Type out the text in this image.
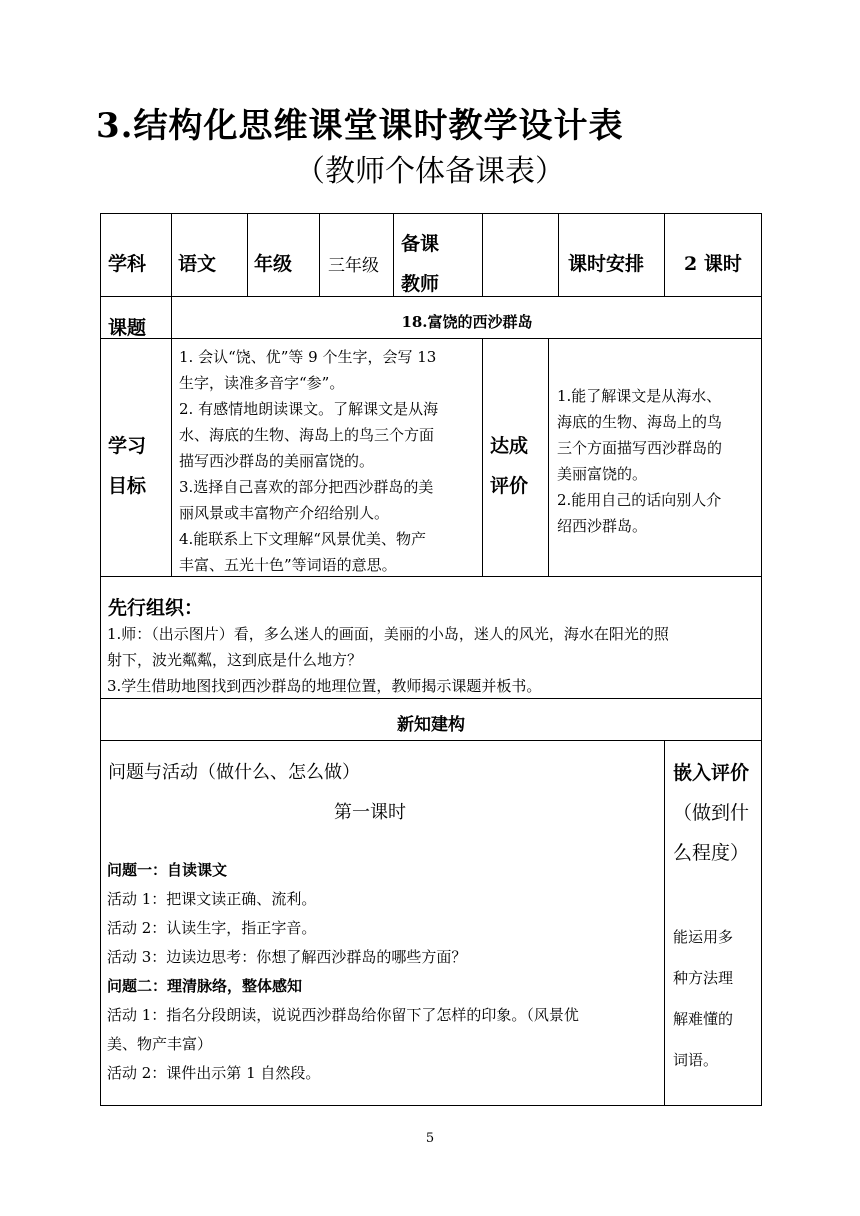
3.结构化思维课堂课时教学设计表
（教师个体备课表）
学科 语文 年级 三年级
备课
教师
课时安排 2 课时
课题	18.富饶的西沙群岛
学习
目标
1. 会认“饶、优”等 9 个生字，会写 13
生字，读准多音字“参”。
2. 有感情地朗读课文。了解课文是从海
水、海底的生物、海岛上的鸟三个方面
描写西沙群岛的美丽富饶的。
3.选择自己喜欢的部分把西沙群岛的美
丽风景或丰富物产介绍给别人。
4.能联系上下文理解“风景优美、物产
丰富、五光十色”等词语的意思。
达成
评价
1.能了解课文是从海水、
海底的生物、海岛上的鸟
三个方面描写西沙群岛的
美丽富饶的。
2.能用自己的话向别人介
绍西沙群岛。
先行组织：
1.师：（出示图片）看，多么迷人的画面，美丽的小岛，迷人的风光，海水在阳光的照
射下，波光粼粼，这到底是什么地方？
3.学生借助地图找到西沙群岛的地理位置，教师揭示课题并板书。
新知建构
问题与活动（做什么、怎么做）
第一课时
问题一：自读课文
活动 1：把课文读正确、流利。
活动 2：认读生字，指正字音。
活动 3：边读边思考：你想了解西沙群岛的哪些方面？
问题二：理清脉络，整体感知
活动 1：指名分段朗读，说说西沙群岛给你留下了怎样的印象。（风景优
美、物产丰富）
活动 2：课件出示第 1 自然段。
嵌入评价
（做到什
么程度）
能运用多
种方法理
解难懂的
词语。
5
